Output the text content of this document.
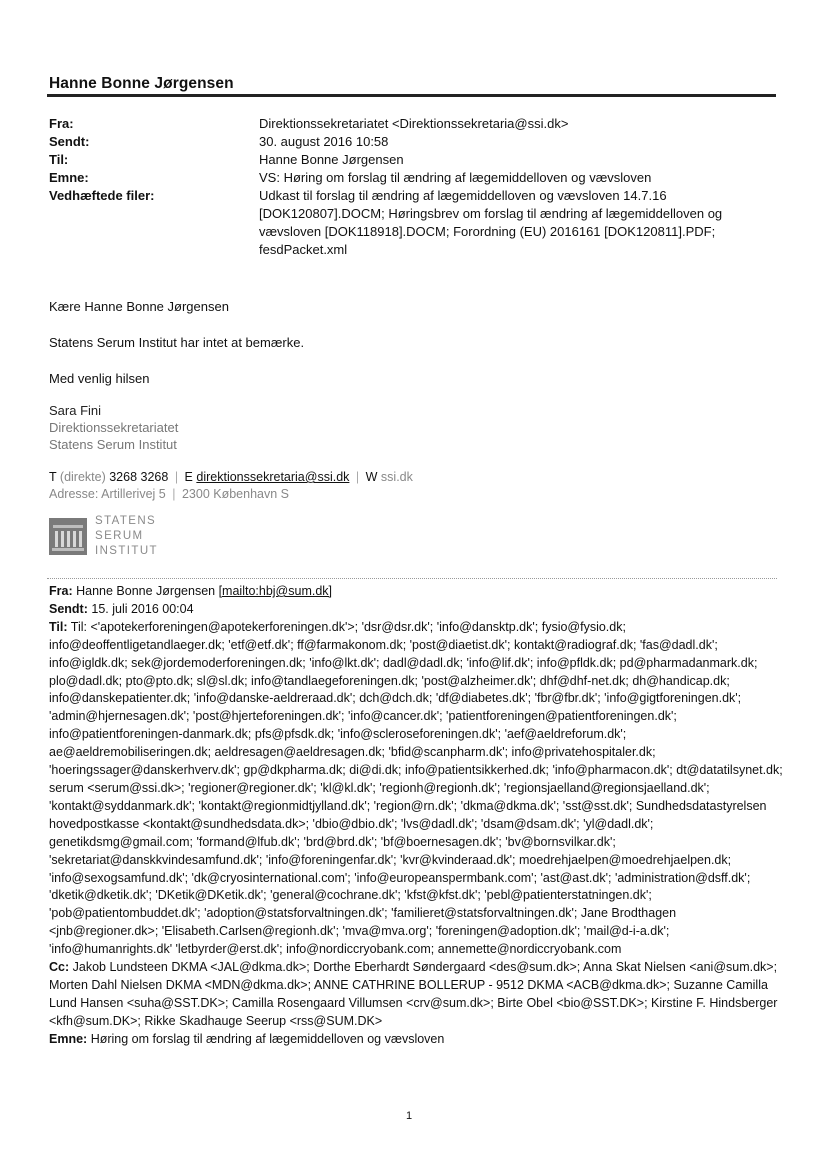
Hanne Bonne Jørgensen
Fra:	Direktionssekretariatet <Direktionssekretaria@ssi.dk>
Sendt:	30. august 2016 10:58
Til:	Hanne Bonne Jørgensen
Emne:	VS: Høring om forslag til ændring af lægemiddelloven og vævsloven
Vedhæftede filer:	Udkast til forslag til ændring af lægemiddelloven og vævsloven 14.7.16 [DOK120807].DOCM; Høringsbrev om forslag til ændring af lægemiddelloven og vævsloven [DOK118918].DOCM; Forordning (EU) 2016161 [DOK120811].PDF; fesdPacket.xml
Kære Hanne Bonne Jørgensen
Statens Serum Institut har intet at bemærke.
Med venlig hilsen
Sara Fini
Direktionssekretariatet
Statens Serum Institut
T (direkte) 3268 3268 | E direktionssekretaria@ssi.dk | W ssi.dk
Adresse: Artillerivej 5 | 2300 København S
STATENS
SERUM
INSTITUT
Fra: Hanne Bonne Jørgensen [mailto:hbj@sum.dk]
Sendt: 15. juli 2016 00:04
Til: Til: <'apotekerforeningen@apotekerforeningen.dk'>; 'dsr@dsr.dk'; 'info@dansktp.dk'; fysio@fysio.dk; info@deoffentligetandlaeger.dk; 'etf@etf.dk'; ff@farmakonom.dk; 'post@diaetist.dk'; kontakt@radiograf.dk; 'fas@dadl.dk'; info@igldk.dk; sek@jordemoderforeningen.dk; 'info@lkt.dk'; dadl@dadl.dk; 'info@lif.dk'; info@pfldk.dk; pd@pharmadanmark.dk; plo@dadl.dk; pto@pto.dk; sl@sl.dk; info@tandlaegeforeningen.dk; 'post@alzheimer.dk'; dhf@dhf-net.dk; dh@handicap.dk; info@danskepatienter.dk; 'info@danske-aeldreraad.dk'; dch@dch.dk; 'df@diabetes.dk'; 'fbr@fbr.dk'; 'info@gigtforeningen.dk'; 'admin@hjernesagen.dk'; 'post@hjerteforeningen.dk'; 'info@cancer.dk'; 'patientforeningen@patientforeningen.dk'; info@patientforeningen-danmark.dk; pfs@pfsdk.dk; 'info@scleroseforeningen.dk'; 'aef@aeldreforum.dk'; ae@aeldremobiliseringen.dk; aeldresagen@aeldresagen.dk; 'bfid@scanpharm.dk'; info@privatehospitaler.dk; 'hoeringssager@danskerhverv.dk'; gp@dkpharma.dk; di@di.dk; info@patientsikkerhed.dk; 'info@pharmacon.dk'; dt@datatilsynet.dk; serum <serum@ssi.dk>; 'regioner@regioner.dk'; 'kl@kl.dk'; 'regionh@regionh.dk'; 'regionsjaelland@regionsjaelland.dk'; 'kontakt@syddanmark.dk'; 'kontakt@regionmidtjylland.dk'; 'region@rn.dk'; 'dkma@dkma.dk'; 'sst@sst.dk'; Sundhedsdatastyrelsen hovedpostkasse <kontakt@sundhedsdata.dk>; 'dbio@dbio.dk'; 'lvs@dadl.dk'; 'dsam@dsam.dk'; 'yl@dadl.dk'; genetikdsmg@gmail.com; 'formand@lfub.dk'; 'brd@brd.dk'; 'bf@boernesagen.dk'; 'bv@bornsvilkar.dk'; 'sekretariat@danskkvindesamfund.dk'; 'info@foreningenfar.dk'; 'kvr@kvinderaad.dk'; moedrehjaelpen@moedrehjaelpen.dk; 'info@sexogsamfund.dk'; 'dk@cryosinternational.com'; 'info@europeanspermbank.com'; 'ast@ast.dk'; 'administration@dsff.dk'; 'dketik@dketik.dk'; 'DKetik@DKetik.dk'; 'general@cochrane.dk'; 'kfst@kfst.dk'; 'pebl@patienterstatningen.dk'; 'pob@patientombuddet.dk'; 'adoption@statsforvaltningen.dk'; 'familieret@statsforvaltningen.dk'; Jane Brodthagen <jnb@regioner.dk>; 'Elisabeth.Carlsen@regionh.dk'; 'mva@mva.org'; 'foreningen@adoption.dk'; 'mail@d-i-a.dk'; 'info@humanrights.dk' 'letbyrder@erst.dk'; info@nordiccryobank.com; annemette@nordiccryobank.com
Cc: Jakob Lundsteen DKMA <JAL@dkma.dk>; Dorthe Eberhardt Søndergaard <des@sum.dk>; Anna Skat Nielsen <ani@sum.dk>; Morten Dahl Nielsen DKMA <MDN@dkma.dk>; ANNE CATHRINE BOLLERUP - 9512 DKMA <ACB@dkma.dk>; Suzanne Camilla Lund Hansen <suha@SST.DK>; Camilla Rosengaard Villumsen <crv@sum.dk>; Birte Obel <bio@SST.DK>; Kirstine F. Hindsberger <kfh@sum.DK>; Rikke Skadhauge Seerup <rss@SUM.DK>
Emne: Høring om forslag til ændring af lægemiddelloven og vævsloven
1
